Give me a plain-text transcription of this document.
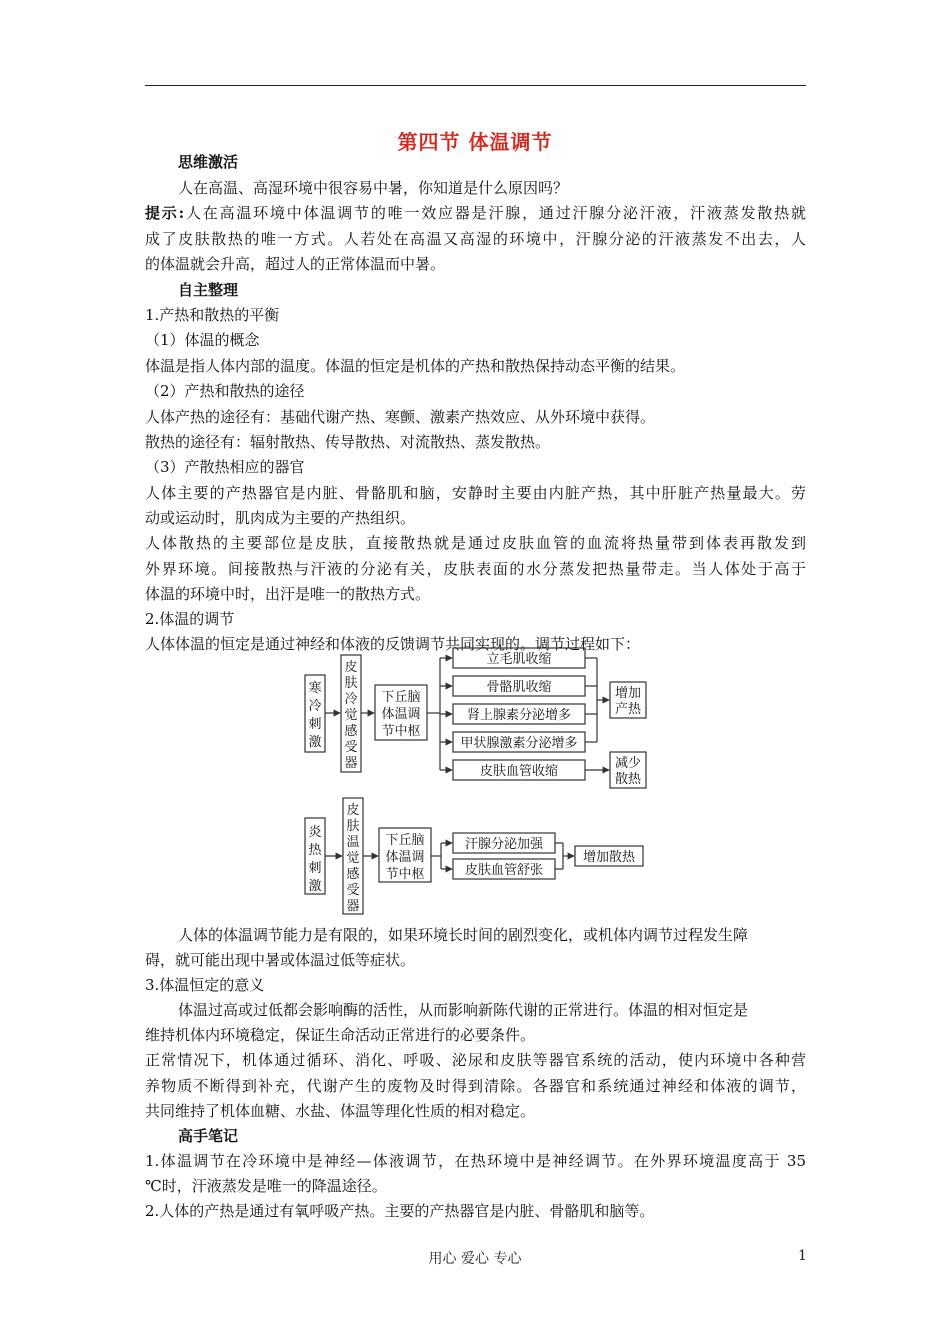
第四节 体温调节
思维激活
人在高温、高湿环境中很容易中暑，你知道是什么原因吗？
提示:人在高温环境中体温调节的唯一效应器是汗腺，通过汗腺分泌汗液，汗液蒸发散热就
成了皮肤散热的唯一方式。人若处在高温又高湿的环境中，汗腺分泌的汗液蒸发不出去，人
的体温就会升高，超过人的正常体温而中暑。
自主整理
1.产热和散热的平衡
（1）体温的概念
体温是指人体内部的温度。体温的恒定是机体的产热和散热保持动态平衡的结果。
（2）产热和散热的途径
人体产热的途径有：基础代谢产热、寒颤、激素产热效应、从外环境中获得。
散热的途径有：辐射散热、传导散热、对流散热、蒸发散热。
（3）产散热相应的器官
人体主要的产热器官是内脏、骨骼肌和脑，安静时主要由内脏产热，其中肝脏产热量最大。劳
动或运动时，肌肉成为主要的产热组织。
人体散热的主要部位是皮肤，直接散热就是通过皮肤血管的血流将热量带到体表再散发到
外界环境。间接散热与汗液的分泌有关，皮肤表面的水分蒸发把热量带走。当人体处于高于
体温的环境中时，出汗是唯一的散热方式。
2.体温的调节
人体体温的恒定是通过神经和体液的反馈调节共同实现的。调节过程如下：
寒
冷
刺
激
皮
肤
冷
觉
感
受
器
下丘脑
体温调
节中枢
立毛肌收缩
骨骼肌收缩
肾上腺素分泌增多
甲状腺激素分泌增多
皮肤血管收缩
增加
产热
减少
散热
炎
热
刺
激
皮
肤
温
觉
感
受
器
下丘脑
体温调
节中枢
汗腺分泌加强
皮肤血管舒张
增加散热
人体的体温调节能力是有限的，如果环境长时间的剧烈变化，或机体内调节过程发生障
碍，就可能出现中暑或体温过低等症状。
3.体温恒定的意义
体温过高或过低都会影响酶的活性，从而影响新陈代谢的正常进行。体温的相对恒定是
维持机体内环境稳定，保证生命活动正常进行的必要条件。
正常情况下，机体通过循环、消化、呼吸、泌尿和皮肤等器官系统的活动，使内环境中各种营
养物质不断得到补充，代谢产生的废物及时得到清除。各器官和系统通过神经和体液的调节，
共同维持了机体血糖、水盐、体温等理化性质的相对稳定。
高手笔记
1.体温调节在冷环境中是神经—体液调节，在热环境中是神经调节。在外界环境温度高于 35
℃时，汗液蒸发是唯一的降温途径。
2.人体的产热是通过有氧呼吸产热。主要的产热器官是内脏、骨骼肌和脑等。
用心 爱心 专心	1
